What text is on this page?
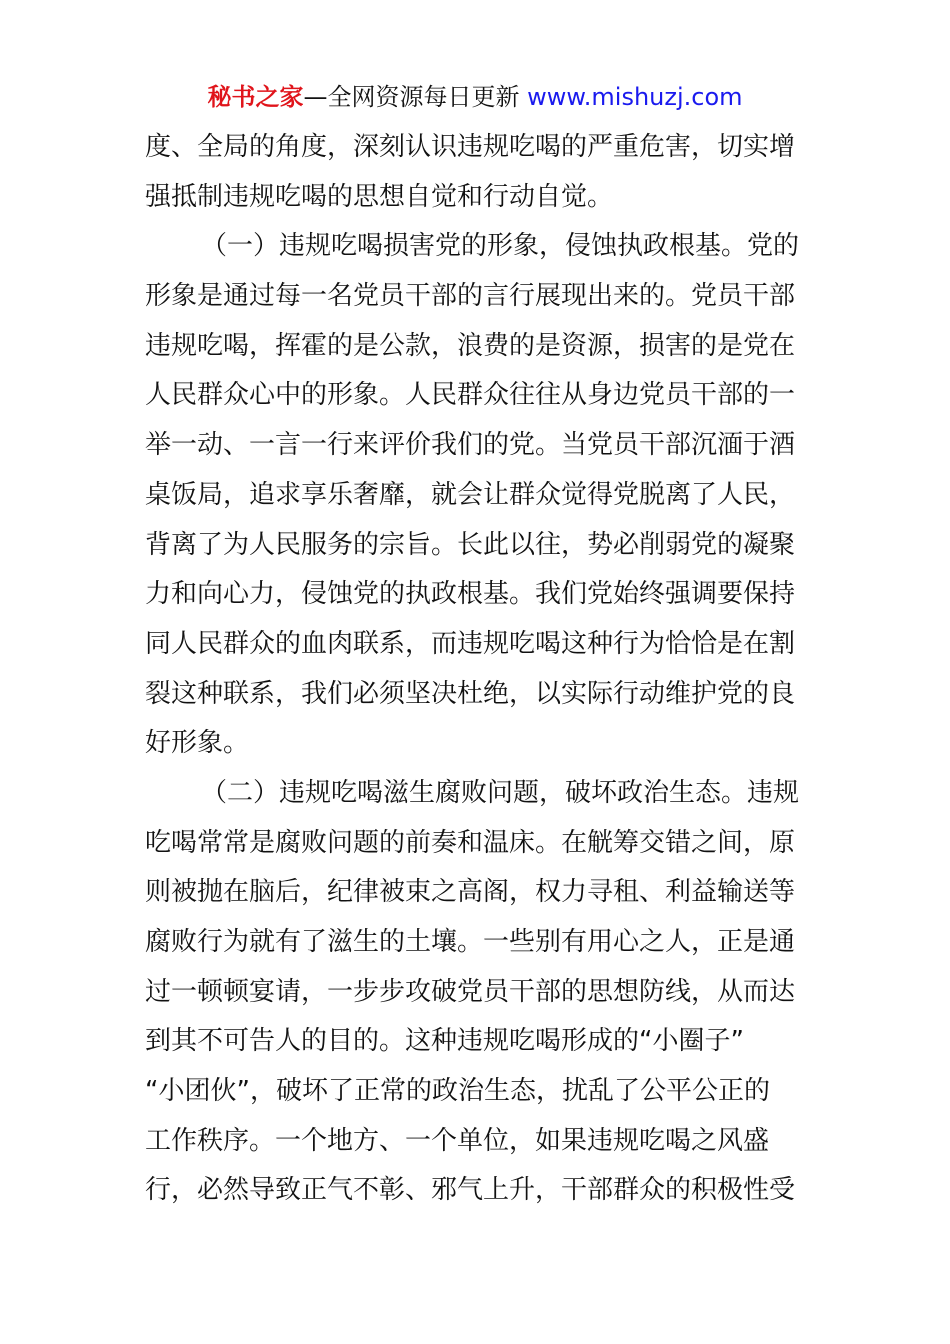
秘书之家—全网资源每日更新 www.mishuzj.com
度、全局的角度，深刻认识违规吃喝的严重危害，切实增
强抵制违规吃喝的思想自觉和行动自觉。
（一）违规吃喝损害党的形象，侵蚀执政根基。党的
形象是通过每一名党员干部的言行展现出来的。党员干部
违规吃喝，挥霍的是公款，浪费的是资源，损害的是党在
人民群众心中的形象。人民群众往往从身边党员干部的一
举一动、一言一行来评价我们的党。当党员干部沉湎于酒
桌饭局，追求享乐奢靡，就会让群众觉得党脱离了人民，
背离了为人民服务的宗旨。长此以往，势必削弱党的凝聚
力和向心力，侵蚀党的执政根基。我们党始终强调要保持
同人民群众的血肉联系，而违规吃喝这种行为恰恰是在割
裂这种联系，我们必须坚决杜绝，以实际行动维护党的良
好形象。
（二）违规吃喝滋生腐败问题，破坏政治生态。违规
吃喝常常是腐败问题的前奏和温床。在觥筹交错之间，原
则被抛在脑后，纪律被束之高阁，权力寻租、利益输送等
腐败行为就有了滋生的土壤。一些别有用心之人，正是通
过一顿顿宴请，一步步攻破党员干部的思想防线，从而达
到其不可告人的目的。这种违规吃喝形成的“小圈子”
“小团伙”，破坏了正常的政治生态，扰乱了公平公正的
工作秩序。一个地方、一个单位，如果违规吃喝之风盛
行，必然导致正气不彰、邪气上升，干部群众的积极性受
